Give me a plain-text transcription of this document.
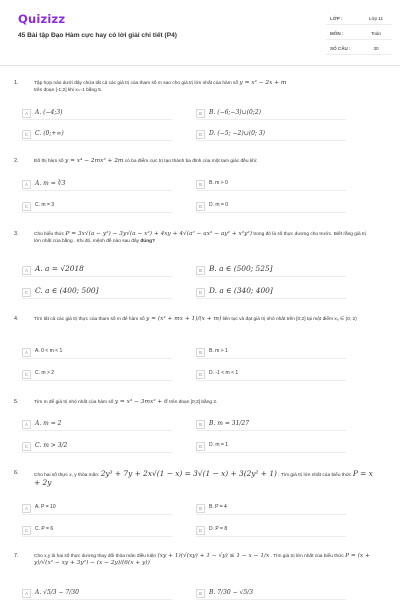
Quizizz
45 Bài tập Đạo Hàm cực hay có lời giải chi tiết (P4)
LỚP :	Lớp 11
MÔN :	Toán
SỐ CÂU :	30
1.	Tập hợp nào dưới đây chứa tất cả các giá trị của tham số m sao cho giá trị lớn nhất của hàm số y = x² − 2x + m
trên đoạn [-1;2] khi x=-1 bằng 5.
A	A. (−4;3)	B	B. (−6;−3)∪(0;2)
C	C. (0;+∞)	D	D. (−5; −2)∪(0; 3)
2.	Đồ thị hàm số y = x⁴ − 2mx² + 2m có ba điểm cực trị tạo thành ba đỉnh của một tam giác đều khi:
A	A. m = ∛3	B	B. m > 0
C	C. m = 3	D	D. m = 0
3.	Cho biểu thức P = 3x√(a − y²) − 3y√(a − x²) + 4xy + 4√(a² − ax² − ay² + x²y²) trong đó là số thực dương cho trước. Biết rằng giá trị lớn nhất của bằng . Khi đó, mệnh đề nào sau đây đúng?
A A. a = √2018	B B. a ∈ (500; 525]
C C. a ∈ (400; 500]	D D. a ∈ (340; 400]
4.	Tìm tất cả các giá trị thực của tham số m để hàm số y = (x² + mx + 1)/(x + m) liên tục và đạt giá trị nhỏ nhất trên [0;2] tại một điểm x₀ ∈ (0; 2)
A	A. 0 < m < 1	B	B. m > 1
C	C. m > 2	D	D. -1 < m < 1
5.	Tìm m để giá trị nhỏ nhất của hàm số y = x³ − 3mx² + 6 trên đoạn [0;3] bằng 2.
A	A. m = 2	B	B. m = 31/27
C	C. m > 3/2	D	D. m = 1
6.	Cho hai số thực x, y thỏa mãn: 2y³ + 7y + 2x√(1 − x) = 3√(1 − x) + 3(2y² + 1) . Tìm giá trị lớn nhất của biểu thức P = x + 2y
A	A. P = 10	B	B. P = 4
C	C. P = 6	D	D. P = 8
7.	Cho x,y là hai số thực dương thay đổi thỏa mãn điều kiện (xy + 1)(√(xy) + 1 − √y) ≤ 1 − x − 1/x . Tìm giá trị lớn nhất của biểu thức P = (x + y)/√(x² − xy + 3y²) − (x − 2y)/(6(x + y))
A	A. √5/3 − 7/30	B	B. 7/30 − √5/3
